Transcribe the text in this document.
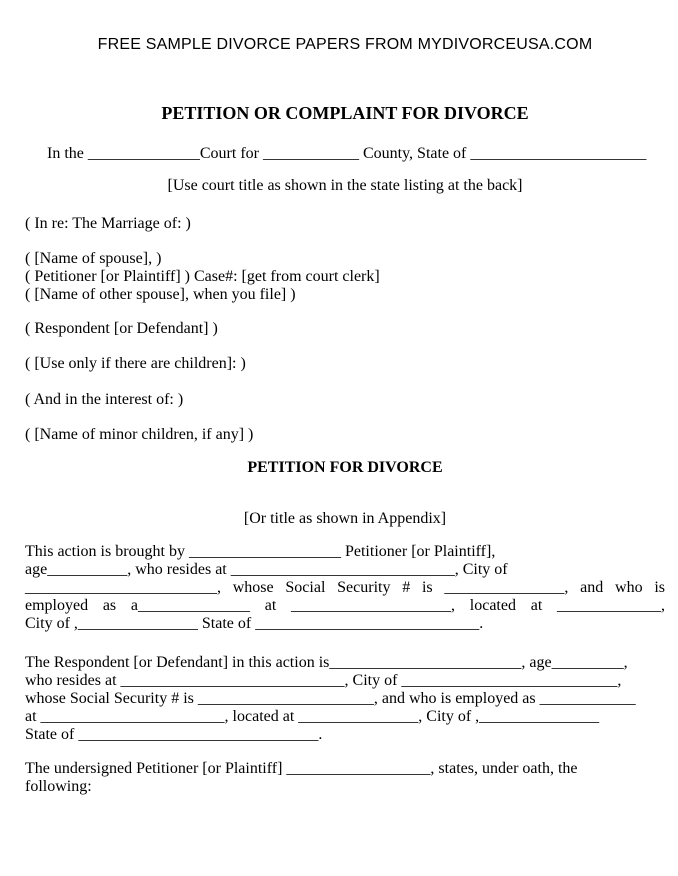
FREE SAMPLE DIVORCE PAPERS FROM MYDIVORCEUSA.COM
PETITION OR COMPLAINT FOR DIVORCE
In the ______________Court for ____________ County, State of ______________________
[Use court title as shown in the state listing at the back]
( In re: The Marriage of: )
( [Name of spouse], )
( Petitioner [or Plaintiff] ) Case#: [get from court clerk]
( [Name of other spouse], when you file] )
( Respondent [or Defendant] )
( [Use only if there are children]: )
( And in the interest of: )
( [Name of minor children, if any] )
PETITION FOR DIVORCE
[Or title as shown in Appendix]
This action is brought by ___________________ Petitioner [or Plaintiff],
age__________, who resides at ____________________________, City of
________________________, whose Social Security # is _______________, and who is
employed as a______________ at ____________________, located at _____________,
City of ,_______________ State of ____________________________.
The Respondent [or Defendant] in this action is________________________, age_________,
who resides at ____________________________, City of ___________________________,
whose Social Security # is ______________________, and who is employed as ____________
at _______________________, located at _______________, City of ,_______________
State of ______________________________.
The undersigned Petitioner [or Plaintiff] __________________, states, under oath, the
following:
